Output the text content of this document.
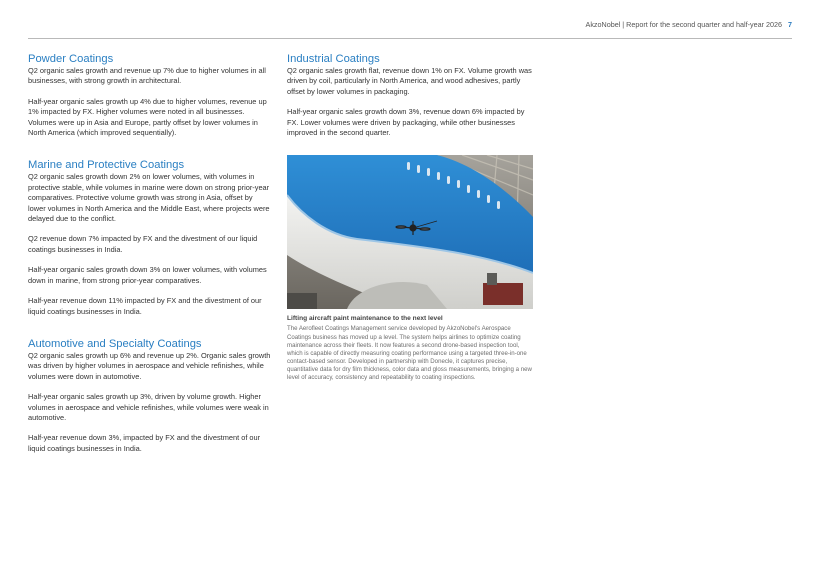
AkzoNobel | Report for the second quarter and half-year 2026 7
Powder Coatings

Q2 organic sales growth and revenue up 7% due to higher volumes in all businesses, with strong growth in architectural.

Half-year organic sales growth up 4% due to higher volumes, revenue up 1% impacted by FX. Higher volumes were noted in all businesses. Volumes were up in Asia and Europe, partly offset by lower volumes in North America (which improved sequentially).

Marine and Protective Coatings

Q2 organic sales growth down 2% on lower volumes, with volumes in protective stable, while volumes in marine were down on strong prior-year comparatives. Protective volume growth was strong in Asia, offset by lower volumes in North America and the Middle East, where projects were delayed due to the conflict.

Q2 revenue down 7% impacted by FX and the divestment of our liquid coatings businesses in India.

Half-year organic sales growth down 3% on lower volumes, with volumes down in marine, from strong prior-year comparatives.

Half-year revenue down 11% impacted by FX and the divestment of our liquid coatings businesses in India.

Automotive and Specialty Coatings

Q2 organic sales growth up 6% and revenue up 2%. Organic sales growth was driven by higher volumes in aerospace and vehicle refinishes, while volumes were down in automotive.

Half-year organic sales growth up 3%, driven by volume growth. Higher volumes in aerospace and vehicle refinishes, while volumes were weak in automotive.

Half-year revenue down 3%, impacted by FX and the divestment of our liquid coatings businesses in India.

Industrial Coatings

Q2 organic sales growth flat, revenue down 1% on FX. Volume growth was driven by coil, particularly in North America, and wood adhesives, partly offset by lower volumes in packaging.

Half-year organic sales growth down 3%, revenue down 6% impacted by FX. Lower volumes were driven by packaging, while other businesses improved in the second quarter.

Lifting aircraft paint maintenance to the next level
The Aerofleet Coatings Management service developed by AkzoNobel's Aerospace Coatings business has moved up a level. The system helps airlines to optimize coating maintenance across their fleets. It now features a second drone-based inspection tool, which is capable of directly measuring coating performance using a targeted three-in-one contact-based sensor. Developed in partnership with Donecle, it captures precise, quantitative data for dry film thickness, color data and gloss measurements, bringing a new level of accuracy, consistency and repeatability to coating inspections.
